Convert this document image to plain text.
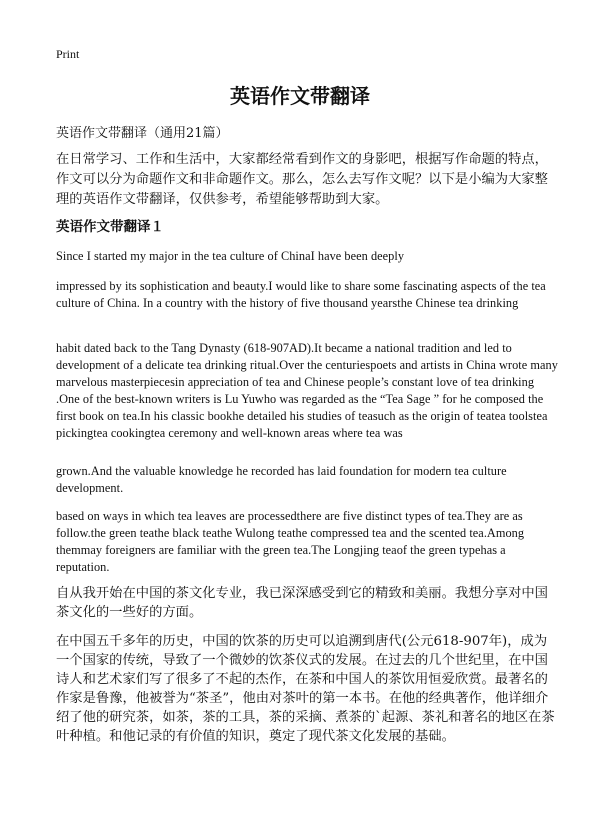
Print
英语作文带翻译

英语作文带翻译（通用21篇）

在日常学习、工作和生活中，大家都经常看到作文的身影吧，根据写作命题的特点，作文可以分为命题作文和非命题作文。那么，怎么去写作文呢？以下是小编为大家整理的英语作文带翻译，仅供参考，希望能够帮助到大家。

英语作文带翻译１

Since I started my major in the tea culture of ChinaI have been deeply

impressed by its sophistication and beauty.I would like to share some fascinating aspects of the tea culture of China. In a country with the history of five thousand yearsthe Chinese tea drinking

habit dated back to the Tang Dynasty (618-907AD).It became a national tradition and led to development of a delicate tea drinking ritual.Over the centuriespoets and artists in China wrote many marvelous masterpiecesin appreciation of tea and Chinese people’s constant love of tea drinking .One of the best-known writers is Lu Yuwho was regarded as the “Tea Sage ” for he composed the first book on tea.In his classic bookhe detailed his studies of teasuch as the origin of teatea toolstea pickingtea cookingtea ceremony and well-known areas where tea was

grown.And the valuable knowledge he recorded has laid foundation for modern tea culture development.

based on ways in which tea leaves are processedthere are five distinct types of tea.They are as follow.the green teathe black teathe Wulong teathe compressed tea and the scented tea.Among themmay foreigners are familiar with the green tea.The Longjing teaof the green typehas a reputation.

自从我开始在中国的茶文化专业，我已深深感受到它的精致和美丽。我想分享对中国茶文化的一些好的方面。

在中国五千多年的历史，中国的饮茶的历史可以追溯到唐代(公元618-907年)，成为一个国家的传统，导致了一个微妙的饮茶仪式的发展。在过去的几个世纪里，在中国诗人和艺术家们写了很多了不起的杰作，在茶和中国人的茶饮用恒爱欣赏。最著名的作家是鲁豫，他被誉为“茶圣”，他由对茶叶的第一本书。在他的经典著作，他详细介绍了他的研究茶，如茶，茶的工具，茶的采摘、煮茶的`起源、茶礼和著名的地区在茶叶种植。和他记录的有价值的知识，奠定了现代茶文化发展的基础。
